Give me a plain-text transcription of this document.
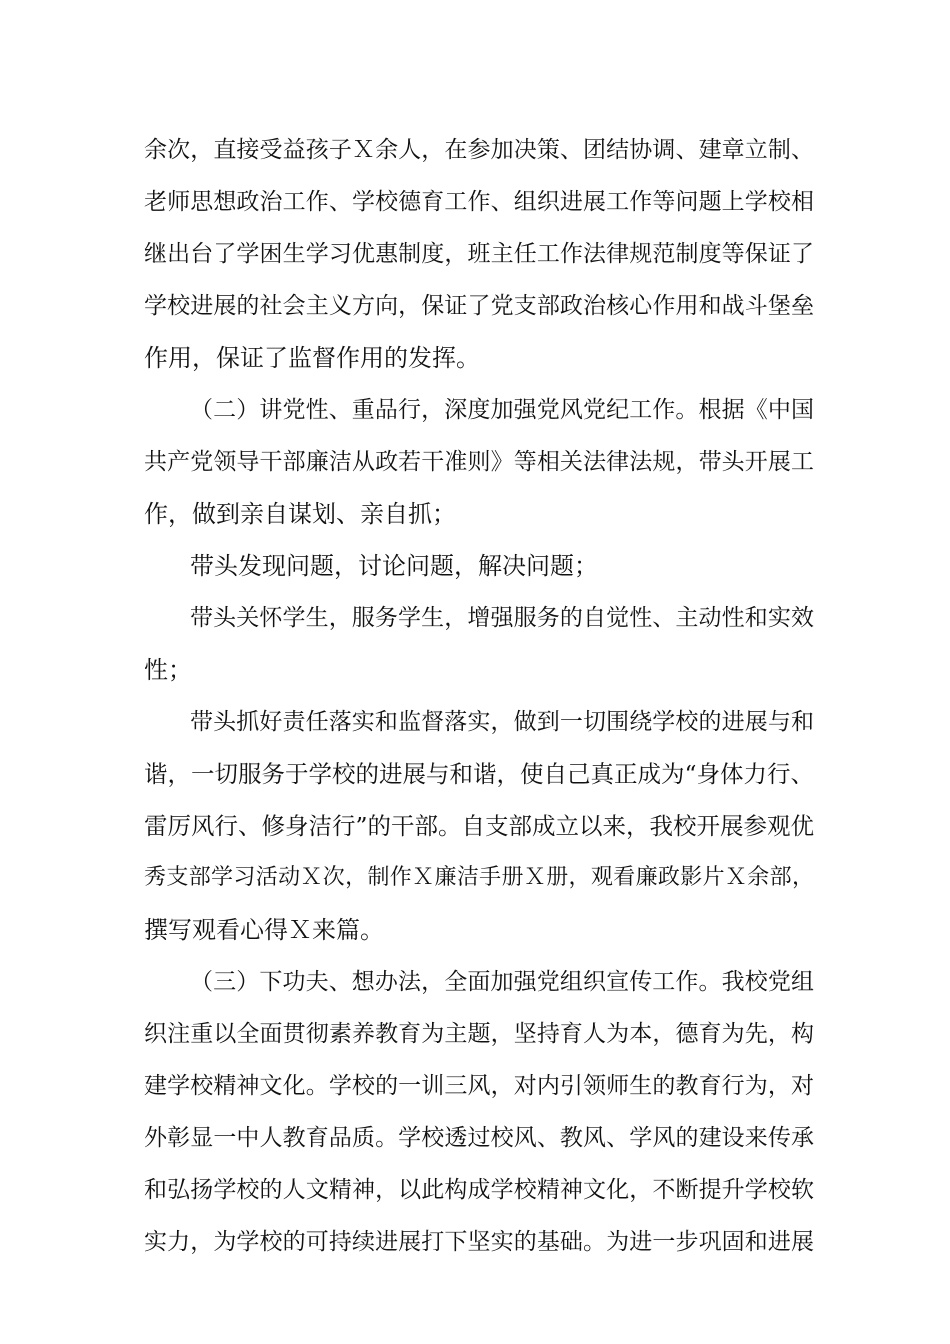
余次，直接受益孩子Ｘ余人，在参加决策、团结协调、建章立制、

老师思想政治工作、学校德育工作、组织进展工作等问题上学校相

继出台了学困生学习优惠制度，班主任工作法律规范制度等保证了

学校进展的社会主义方向，保证了党支部政治核心作用和战斗堡垒

作用，保证了监督作用的发挥。

（二）讲党性、重品行，深度加强党风党纪工作。根据《中国

共产党领导干部廉洁从政若干准则》等相关法律法规，带头开展工

作，做到亲自谋划、亲自抓；

带头发现问题，讨论问题，解决问题；

带头关怀学生，服务学生，增强服务的自觉性、主动性和实效

性；

带头抓好责任落实和监督落实，做到一切围绕学校的进展与和

谐，一切服务于学校的进展与和谐，使自己真正成为“身体力行、

雷厉风行、修身洁行”的干部。自支部成立以来，我校开展参观优

秀支部学习活动Ｘ次，制作Ｘ廉洁手册Ｘ册，观看廉政影片Ｘ余部，

撰写观看心得Ｘ来篇。

（三）下功夫、想办法，全面加强党组织宣传工作。我校党组

织注重以全面贯彻素养教育为主题，坚持育人为本，德育为先，构

建学校精神文化。学校的一训三风，对内引领师生的教育行为，对

外彰显一中人教育品质。学校透过校风、教风、学风的建设来传承

和弘扬学校的人文精神，以此构成学校精神文化，不断提升学校软

实力，为学校的可持续进展打下坚实的基础。为进一步巩固和进展
